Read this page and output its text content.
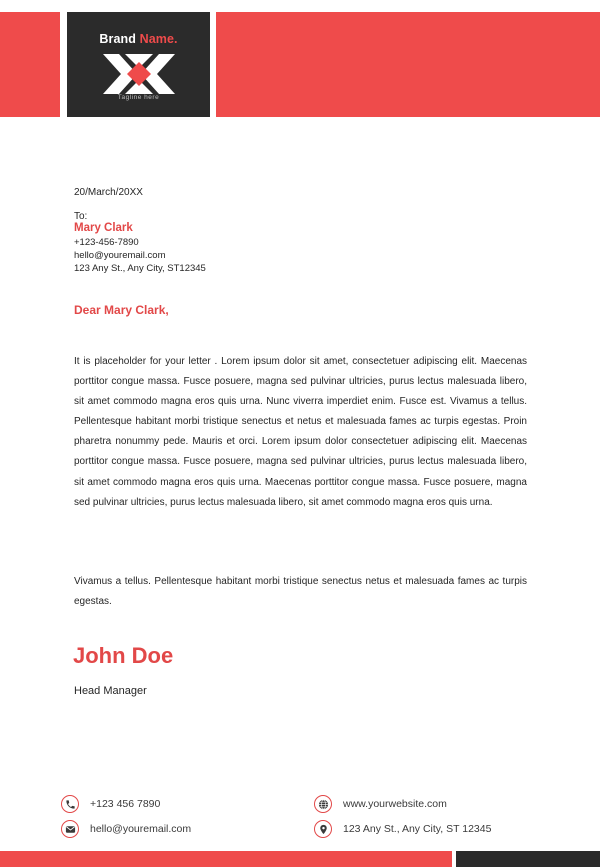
Brand Name.
Tagline here
20/March/20XX
To:
Mary Clark
+123-456-7890
hello@youremail.com
123 Any St., Any City, ST12345
Dear Mary Clark,
It is placeholder for your letter . Lorem ipsum dolor sit amet, consectetuer adipiscing elit. Maecenas porttitor congue massa. Fusce posuere, magna sed pulvinar ultricies, purus lectus malesuada libero, sit amet commodo magna eros quis urna. Nunc viverra imperdiet enim. Fusce est. Vivamus a tellus. Pellentesque habitant morbi tristique senectus et netus et malesuada fames ac turpis egestas. Proin pharetra nonummy pede. Mauris et orci. Lorem ipsum dolor consectetuer adipiscing elit. Maecenas porttitor congue massa. Fusce posuere, magna sed pulvinar ultricies, purus lectus malesuada libero, sit amet commodo magna eros quis urna. Maecenas porttitor congue massa. Fusce posuere, magna sed pulvinar ultricies, purus lectus malesuada libero, sit amet commodo magna eros quis urna.
Vivamus a tellus. Pellentesque habitant morbi tristique senectus netus et malesuada fames ac turpis egestas.
John Doe
Head Manager
+123 456 7890
hello@youremail.com
www.yourwebsite.com
123 Any St., Any City, ST 12345
